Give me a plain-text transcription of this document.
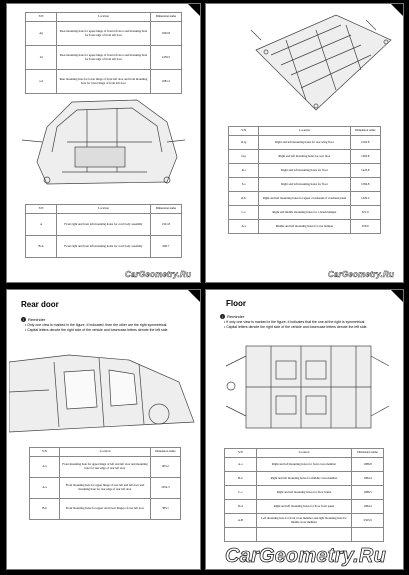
S/N	Location	Dimension name
Ag	Rear mounting hole for upper hinge of front left door and mounting hole for front edge of front left door	1092.8
Ai	Rear mounting hole for upper hinge of front left door and mounting hole for front edge of front left door	1459.5
a-d	Rear mounting hole for lower hinge of front left door and front mounting hole for lower hinge of front left door	1081.2
S/N	Location	Dimension name
A	Front right and front left mounting holes for cowl body assembly	1321.8
B-A	Front right and front left mounting holes for cowl body assembly	990.7
CarGeometry.Ru
S/N	Location	Dimension name
O-Q	Right and left mounting holes for rear wing floor	1502.8
O-p	Right and left mounting holes for rear floor	1363.8
R-r	Right and left mounting holes for floor	1423.8
S-s	Right and left mounting holes for floor	1584.8
O-U	Right and left mounting holes for upper crossbeam of overhead panel	1329.2
C-c	Right and middle mounting holes for c-beam bumper	671.6
A-a	Middle and left mounting holes for rear bumper	679.6
CarGeometry.Ru
Rear door
i	Reminder

• Only one view is marked in the figure. If indicated, then the other are the right symmetrical.

• Capital letters denote the right side of the vehicle and lowercase letters denote the left side.

S/N	Location	Dimension name
A-a	Front mounting hole for upper hinge of left and left door and mounting hole for rear edge of rear left door	903.2
A-a	Front mounting hole for upper hinge of rear left and left door and mounting hole for rear edge of rear left door	1054.3
B-b	Front mounting holes for upper and lower hinges of rear left door	383.1
Floor
i	Reminder

• If only one view is marked in the figure, it indicates that the one at the right is symmetrical.

• Capital letters denote the right side of the vehicle and lowercase letters denote the left side.

S/N	Location	Dimension name
A-a	Right and left mounting holes for front cross member	1086.8
B-b	Right and left mounting holes for middle cross member	1084.4
C-c	Right and left mounting holes for floor frame	1086.5
D-d	Right and left mounting holes for floor front panel	1084.4
A-B	Left mounting hole for front cross member and right mounting hole for middle cross member	2325.9

CarGeometry.Ru
